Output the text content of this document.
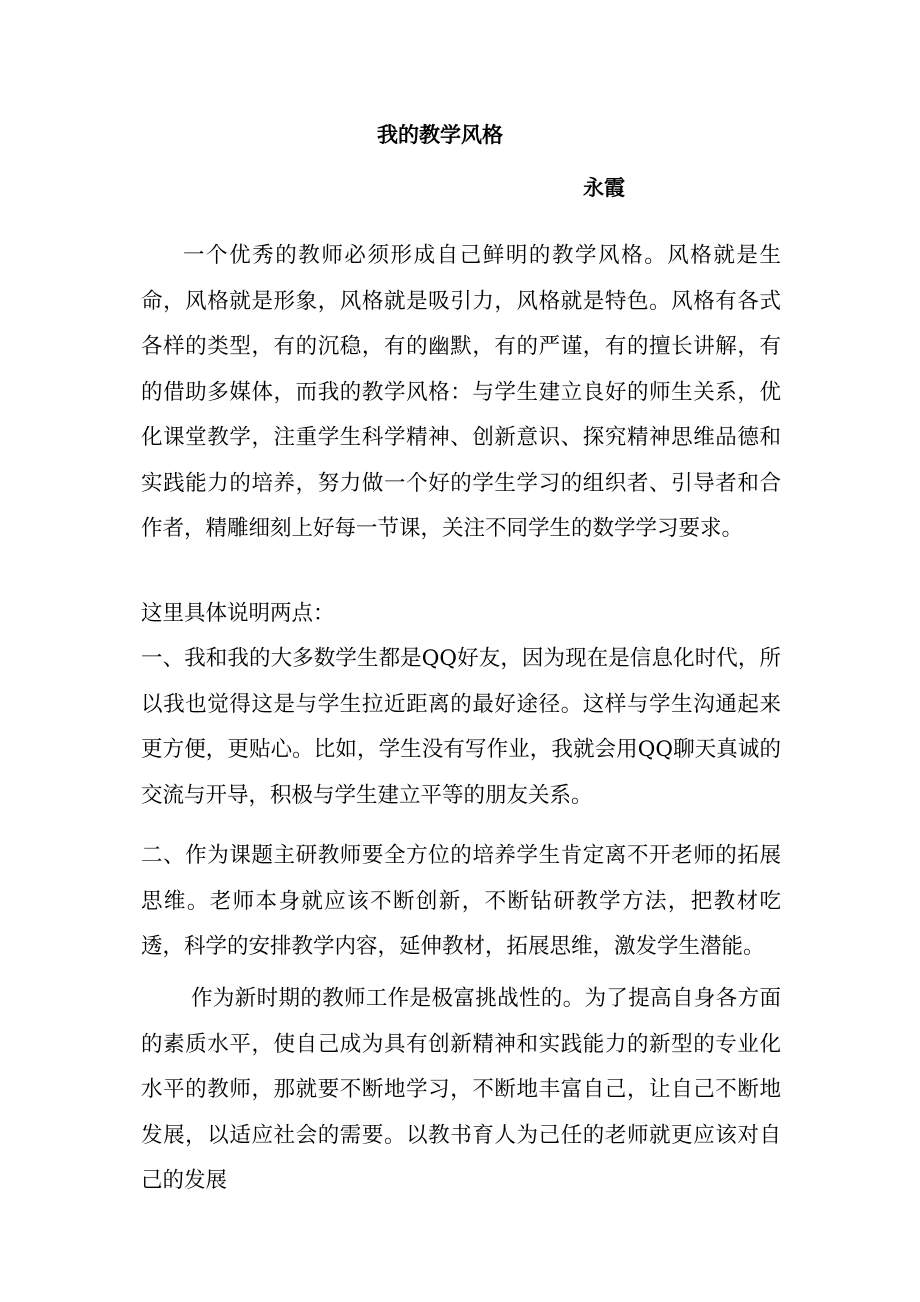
我的教学风格
永霞
一个优秀的教师必须形成自己鲜明的教学风格。风格就是生命，风格就是形象，风格就是吸引力，风格就是特色。风格有各式各样的类型，有的沉稳，有的幽默，有的严谨，有的擅长讲解，有的借助多媒体，而我的教学风格：与学生建立良好的师生关系，优化课堂教学，注重学生科学精神、创新意识、探究精神思维品德和实践能力的培养，努力做一个好的学生学习的组织者、引导者和合作者，精雕细刻上好每一节课，关注不同学生的数学学习要求。
这里具体说明两点：
一、我和我的大多数学生都是QQ好友，因为现在是信息化时代，所以我也觉得这是与学生拉近距离的最好途径。这样与学生沟通起来更方便，更贴心。比如，学生没有写作业，我就会用QQ聊天真诚的交流与开导，积极与学生建立平等的朋友关系。
二、作为课题主研教师要全方位的培养学生肯定离不开老师的拓展思维。老师本身就应该不断创新，不断钻研教学方法，把教材吃透，科学的安排教学内容，延伸教材，拓展思维，激发学生潜能。
作为新时期的教师工作是极富挑战性的。为了提高自身各方面的素质水平，使自己成为具有创新精神和实践能力的新型的专业化水平的教师，那就要不断地学习，不断地丰富自己，让自己不断地发展，以适应社会的需要。以教书育人为己任的老师就更应该对自己的发展
